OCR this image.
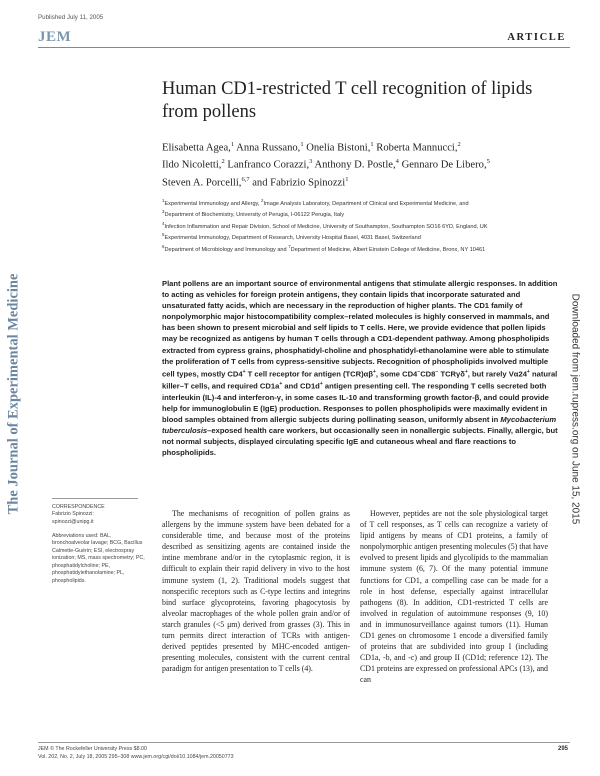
Published July 11, 2005
JEM	ARTICLE
The Journal of Experimental Medicine	Downloaded from jem.rupress.org on June 15, 2015
Human CD1-restricted T cell recognition of lipids from pollens
Elisabetta Agea,$^1$ Anna Russano,$^1$ Onelia Bistoni,$^1$ Roberta Mannucci,$^2$
Ildo Nicoletti,$^2$ Lanfranco Corazzi,$^3$ Anthony D. Postle,$^4$ Gennaro De Libero,$^5$
Steven A. Porcelli,$^{6,7}$ and Fabrizio Spinozzi$^1$
$^1$Experimental Immunology and Allergy, $^2$Image Analysis Laboratory, Department of Clinical and Experimental Medicine, and
$^3$Department of Biochemistry, University of Perugia, I-06122 Perugia, Italy
$^4$Infection Inflammation and Repair Division, School of Medicine, University of Southampton, Southampton SO16 6YD, England, UK
$^5$Experimental Immunology, Department of Research, University Hospital Basel, 4031 Basel, Switzerland
$^6$Department of Microbiology and Immunology and $^7$Department of Medicine, Albert Einstein College of Medicine, Bronx, NY 10461
Plant pollens are an important source of environmental antigens that stimulate allergic responses. In addition to acting as vehicles for foreign protein antigens, they contain lipids that incorporate saturated and unsaturated fatty acids, which are necessary in the reproduction of higher plants. The CD1 family of nonpolymorphic major histocompatibility complex–related molecules is highly conserved in mammals, and has been shown to present microbial and self lipids to T cells. Here, we provide evidence that pollen lipids may be recognized as antigens by human T cells through a CD1-dependent pathway. Among phospholipids extracted from cypress grains, phosphatidyl-choline and phosphatidyl-ethanolamine were able to stimulate the proliferation of T cells from cypress-sensitive subjects. Recognition of phospholipids involved multiple cell types, mostly CD4+ T cell receptor for antigen (TCR)αβ+, some CD4−CD8− TCRγδ+, but rarely Vα24+ natural killer–T cells, and required CD1a+ and CD1d+ antigen presenting cell. The responding T cells secreted both interleukin (IL)-4 and interferon-γ, in some cases IL-10 and transforming growth factor-β, and could provide help for immunoglobulin E (IgE) production. Responses to pollen phospholipids were maximally evident in blood samples obtained from allergic subjects during pollinating season, uniformly absent in Mycobacterium tuberculosis–exposed health care workers, but occasionally seen in nonallergic subjects. Finally, allergic, but not normal subjects, displayed circulating specific IgE and cutaneous wheal and flare reactions to phospholipids.
CORRESPONDENCE
Fabrizio Spinozzi:
spinozzi@unipg.it
Abbreviations used: BAL, bronchoalveolar lavage; BCG, Bacillus Calmette-Guérin; ESI, electrospray ionization; MS, mass spectrometry; PC, phosphatidylcholine; PE, phosphatidylethanolamine; PL, phospholipids.
The mechanisms of recognition of pollen grains as allergens by the immune system have been debated for a considerable time, and because most of the proteins described as sensitizing agents are contained inside the intine membrane and/or in the cytoplasmic region, it is difficult to explain their rapid delivery in vivo to the host immune system (1, 2). Traditional models suggest that nonspecific receptors such as C-type lectins and integrins bind surface glycoproteins, favoring phagocytosis by alveolar macrophages of the whole pollen grain and/or of starch granules (<5 μm) derived from grasses (3). This in turn permits direct interaction of TCRs with antigen-derived peptides presented by MHC-encoded antigen-presenting molecules, consistent with the current central paradigm for antigen presentation to T cells (4).
However, peptides are not the sole physiological target of T cell responses, as T cells can recognize a variety of lipid antigens by means of CD1 proteins, a family of nonpolymorphic antigen presenting molecules (5) that have evolved to present lipids and glycolipids to the mammalian immune system (6, 7). Of the many potential immune functions for CD1, a compelling case can be made for a role in host defense, especially against intracellular pathogens (8). In addition, CD1-restricted T cells are involved in regulation of autoimmune responses (9, 10) and in immunosurveillance against tumors (11). Human CD1 genes on chromosome 1 encode a diversified family of proteins that are subdivided into group I (including CD1a, -b, and -c) and group II (CD1d; reference 12). The CD1 proteins are expressed on professional APCs (13), and can
JEM © The Rockefeller University Press $8.00
Vol. 202, No. 2, July 18, 2005 295–308 www.jem.org/cgi/doi/10.1084/jem.20050773
295
